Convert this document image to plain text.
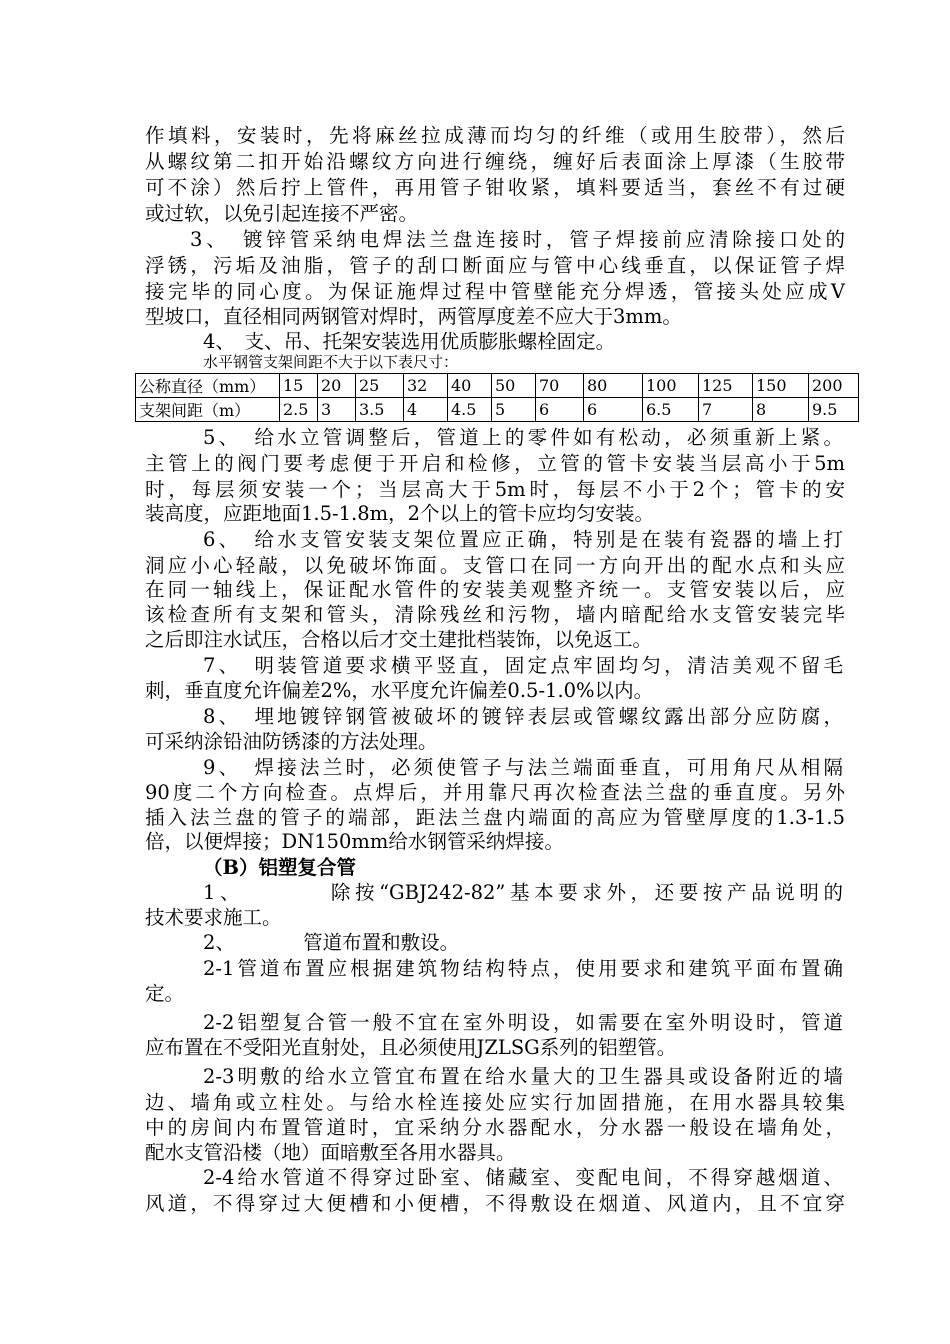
作填料，安装时，先将麻丝拉成薄而均匀的纤维（或用生胶带），然后
从螺纹第二扣开始沿螺纹方向进行缠绕，缠好后表面涂上厚漆（生胶带
可不涂）然后拧上管件，再用管子钳收紧，填料要适当，套丝不有过硬
或过软，以免引起连接不严密。
3、　镀锌管采纳电焊法兰盘连接时，管子焊接前应清除接口处的
浮锈，污垢及油脂，管子的刮口断面应与管中心线垂直，以保证管子焊
接完毕的同心度。为保证施焊过程中管壁能充分焊透，管接头处应成V
型坡口，直径相同两钢管对焊时，两管厚度差不应大于3mm。
4、　支、吊、托架安装选用优质膨胀螺栓固定。
水平钢管支架间距不大于以下表尺寸：
公称直径（mm）	15	20	25	32	40	50	70	80	100	125	150	200
支架间距（m）	2.5	3	3.5	4	4.5	5	6	6	6.5	7	8	9.5
5、　给水立管调整后，管道上的零件如有松动，必须重新上紧。
主管上的阀门要考虑便于开启和检修，立管的管卡安装当层高小于5m
时，每层须安装一个；当层高大于5m时，每层不小于2个；管卡的安
装高度，应距地面1.5-1.8m，2个以上的管卡应均匀安装。
6、　给水支管安装支架位置应正确，特别是在装有瓷器的墙上打
洞应小心轻敲，以免破坏饰面。支管口在同一方向开出的配水点和头应
在同一轴线上，保证配水管件的安装美观整齐统一。支管安装以后，应
该检查所有支架和管头，清除残丝和污物，墙内暗配给水支管安装完毕
之后即注水试压，合格以后才交土建批档装饰，以免返工。
7、　明装管道要求横平竖直，固定点牢固均匀，清洁美观不留毛
刺，垂直度允许偏差2%，水平度允许偏差0.5-1.0%以内。
8、　埋地镀锌钢管被破坏的镀锌表层或管螺纹露出部分应防腐，
可采纳涂铅油防锈漆的方法处理。
9、　焊接法兰时，必须使管子与法兰端面垂直，可用角尺从相隔
90度二个方向检查。点焊后，并用靠尺再次检查法兰盘的垂直度。另外
插入法兰盘的管子的端部，距法兰盘内端面的高应为管壁厚度的1.3-1.5
倍，以便焊接；DN150mm给水钢管采纳焊接。
（B）铝塑复合管
1、　　　　除按“GBJ242-82”基本要求外，还要按产品说明的
技术要求施工。
2、　　　　管道布置和敷设。
2-1管道布置应根据建筑物结构特点，使用要求和建筑平面布置确
定。
2-2铝塑复合管一般不宜在室外明设，如需要在室外明设时，管道
应布置在不受阳光直射处，且必须使用JZLSG系列的铝塑管。
2-3明敷的给水立管宜布置在给水量大的卫生器具或设备附近的墙
边、墙角或立柱处。与给水栓连接处应实行加固措施，在用水器具较集
中的房间内布置管道时，宜采纳分水器配水，分水器一般设在墙角处，
配水支管沿楼（地）面暗敷至各用水器具。
2-4给水管道不得穿过卧室、储藏室、变配电间，不得穿越烟道、
风道，不得穿过大便槽和小便槽，不得敷设在烟道、风道内，且不宜穿
